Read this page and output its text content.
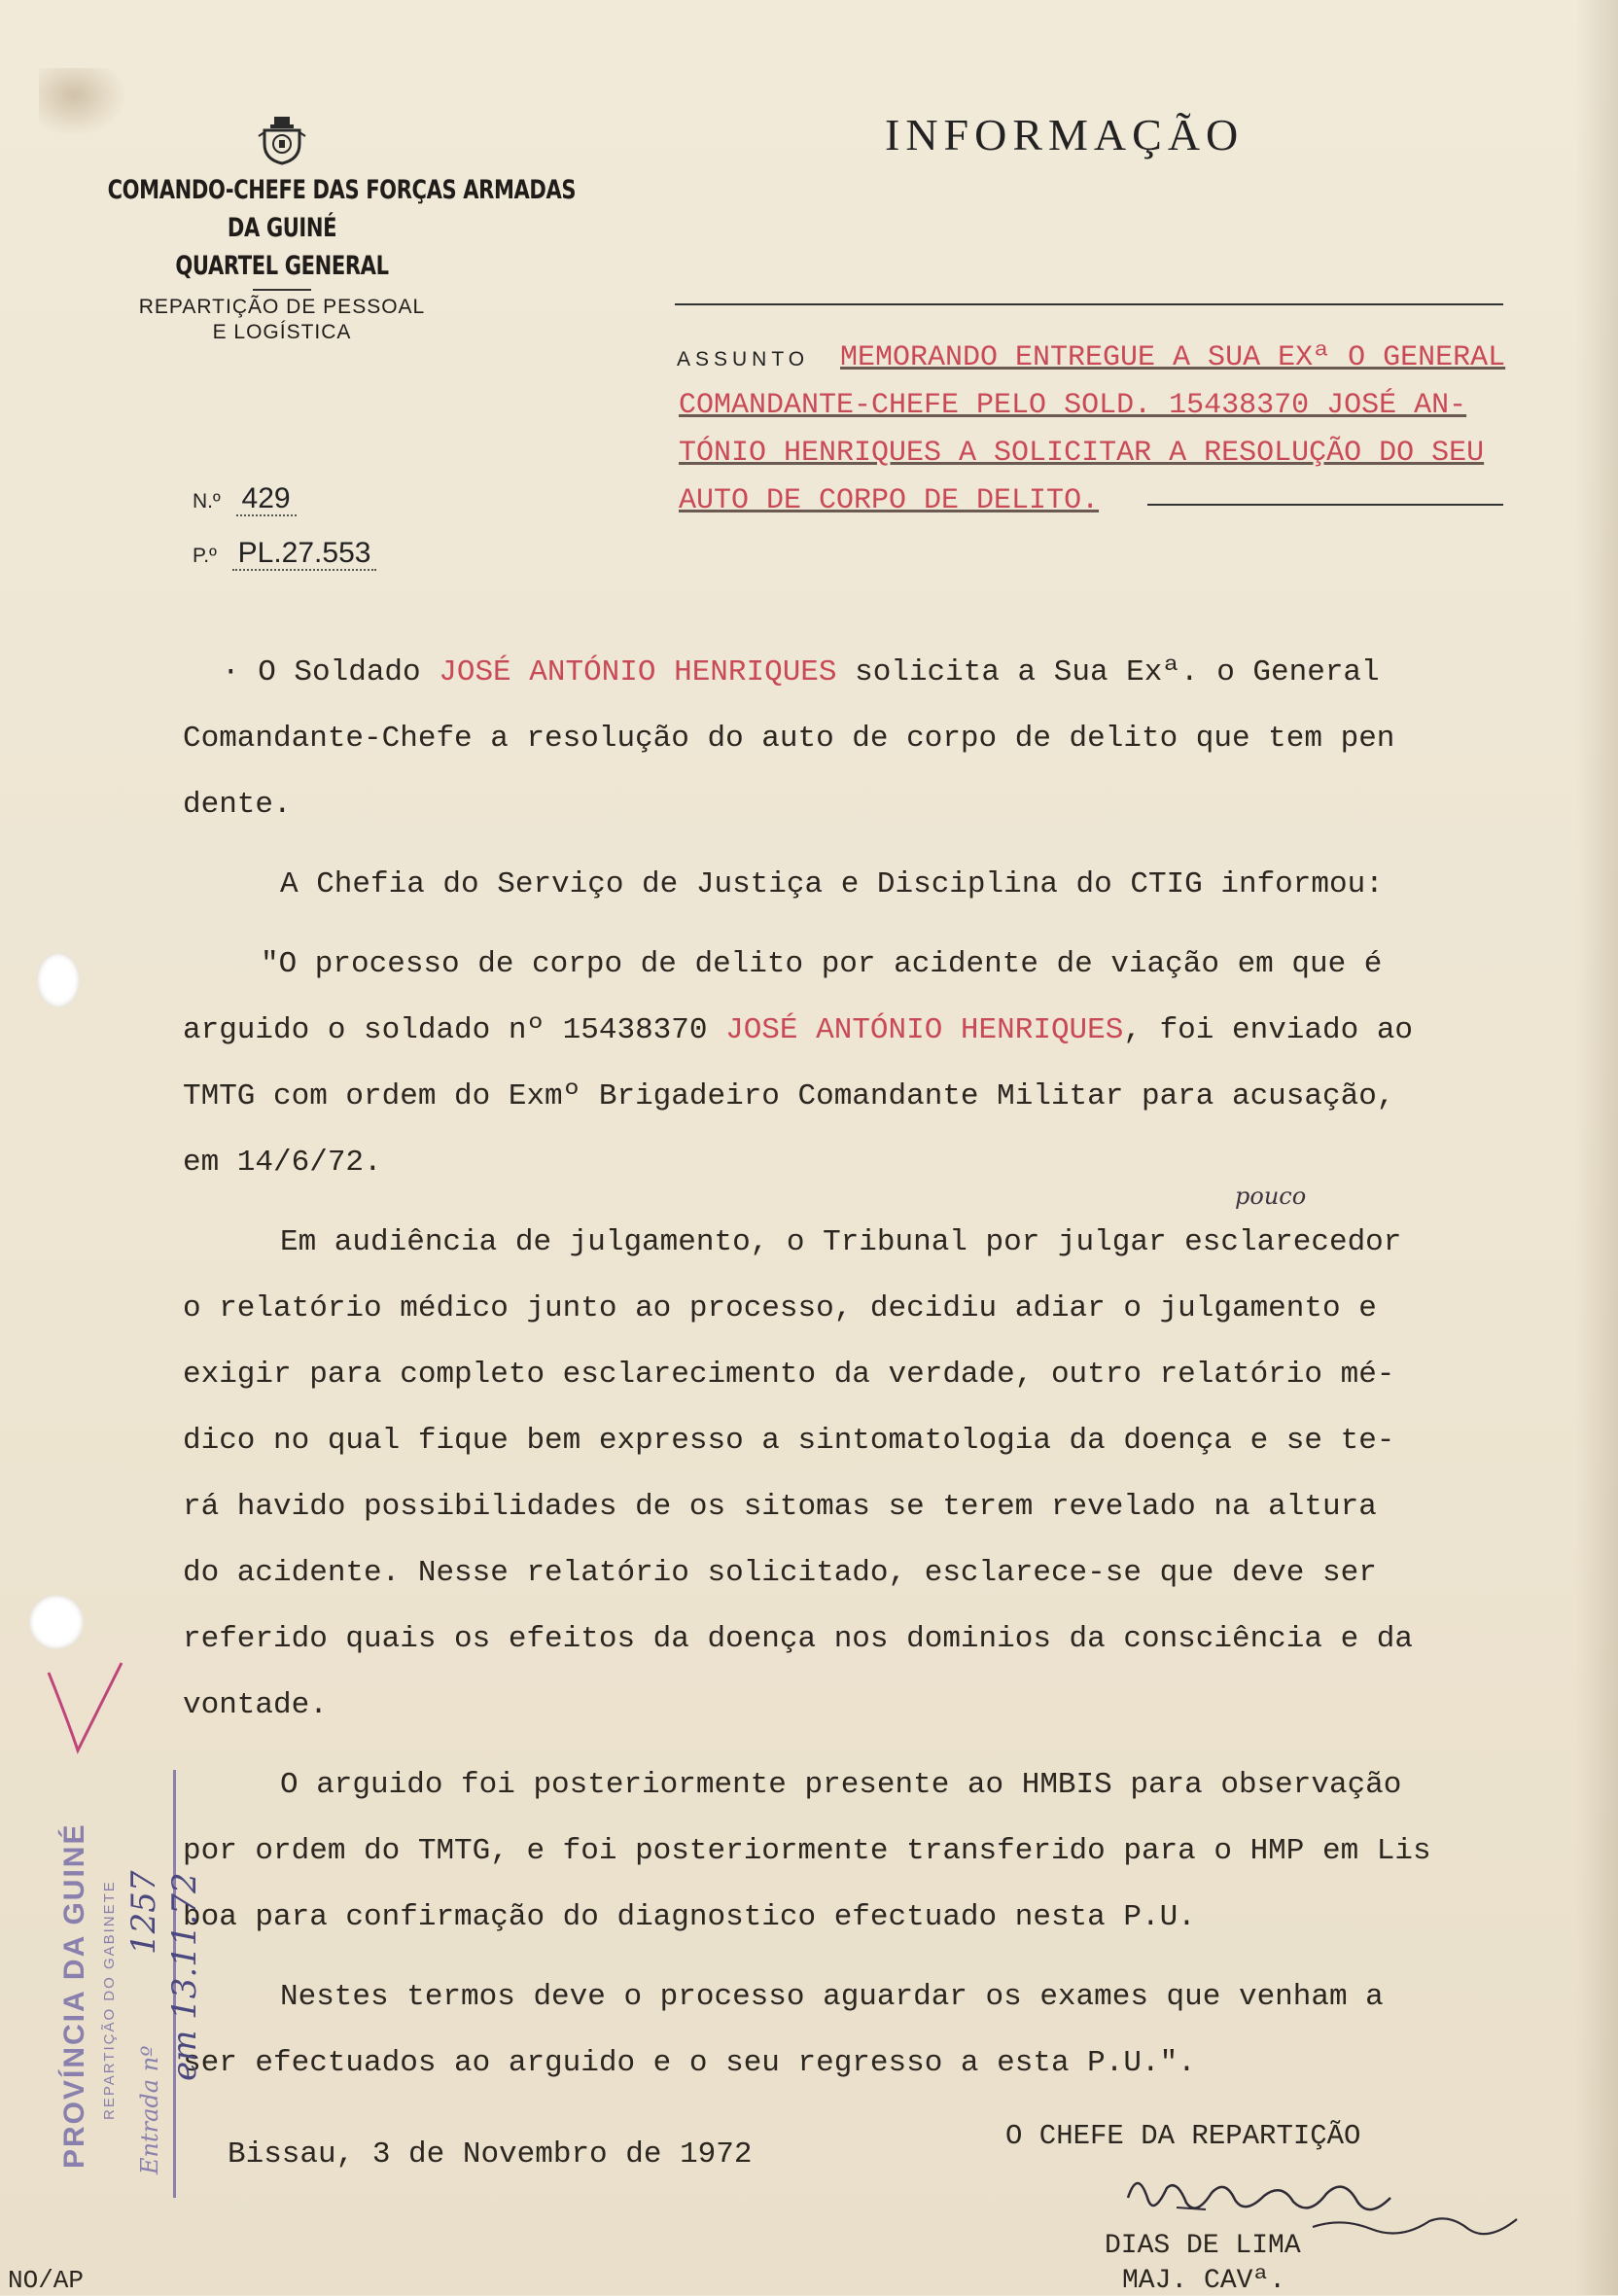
COMANDO-CHEFE DAS FORÇAS ARMADAS
DA GUINÉ
QUARTEL GENERAL
REPARTIÇÃO DE PESSOAL
E LOGÍSTICA
INFORMAÇÃO
ASSUNTO MEMORANDO ENTREGUE A SUA EXª O GENERAL
COMANDANTE-CHEFE PELO SOLD. 15438370 JOSÉ AN-
TÓNIO HENRIQUES A SOLICITAR A RESOLUÇÃO DO SEU
AUTO DE CORPO DE DELITO.
N.º 429
P.º PL.27.553
· O Soldado JOSÉ ANTÓNIO HENRIQUES solicita a Sua Exª. o General
Comandante-Chefe a resolução do auto de corpo de delito que tem pen
dente.
A Chefia do Serviço de Justiça e Disciplina do CTIG informou:
"O processo de corpo de delito por acidente de viação em que é
arguido o soldado nº 15438370 JOSÉ ANTÓNIO HENRIQUES, foi enviado ao
TMTG com ordem do Exmº Brigadeiro Comandante Militar para acusação,
em 14/6/72.
Em audiência de julgamento, o Tribunal por julgar esclarecedor
o relatório médico junto ao processo, decidiu adiar o julgamento e
exigir para completo esclarecimento da verdade, outro relatório mé-
dico no qual fique bem expresso a sintomatologia da doença e se te-
rá havido possibilidades de os sitomas se terem revelado na altura
do acidente. Nesse relatório solicitado, esclarece-se que deve ser
referido quais os efeitos da doença nos dominios da consciência e da
vontade.
O arguido foi posteriormente presente ao HMBIS para observação
por ordem do TMTG, e foi posteriormente transferido para o HMP em Lis
boa para confirmação do diagnostico efectuado nesta P.U.
Nestes termos deve o processo aguardar os exames que venham a
ser efectuados ao arguido e o seu regresso a esta P.U.".
pouco
PROVÍNCIA DA GUINÉ REPARTIÇÃO DO GABINETE Entrada nº
1257 em 13.11.72
Bissau, 3 de Novembro de 1972
O CHEFE DA REPARTIÇÃO
DIAS DE LIMA
MAJ. CAVª.
NO/AP
